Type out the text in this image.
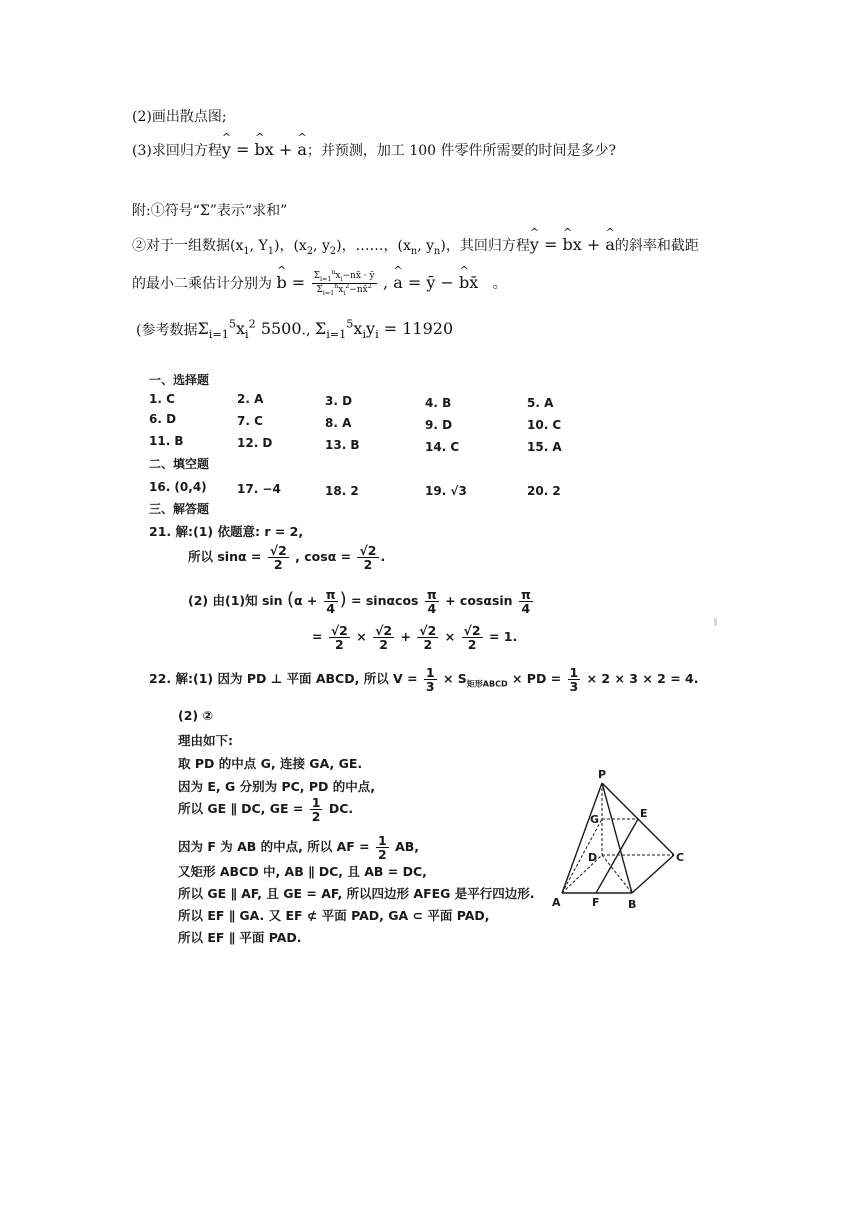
(2)画出散点图;
(3)求回归方程^ y = ^ bx + ^ a；并预测，加工 100 件零件所需要的时间是多少?
附:①符号“Σ”表示“求和”
②对于一组数据($x_1$, $Y_1$)，($x_2$, $y_2$)，……，($x_n$, $y_n$)，其回归方程^ y = ^ bx + ^ a的斜率和截距
的最小二乘估计分别为 ^ $b = \frac{\Sigma_{i=1}^nx_i-nx̄ \cdot ȳ}{\Sigma_{i=1}^nx_i^2-nx̄^2}$ , ^ a = ȳ − ^ bx̄ 。
(参考数据$\Sigma_{i=1}^5x_i^2$ 5500., $\Sigma_{i=1}^5x_iy_i = 11920$
一、选择题
1. C	2. A	3. D	4. B	5. A
6. D	7. C	8. A	9. D	10. C
11. B	12. D	13. B	14. C	15. A
二、填空题
16. (0,4)	17. −4	18. 2	19. √3	20. 2
三、解答题
21. 解:(1) 依题意: r = 2,
所以 $\sin\alpha = \frac{√2}{2}$ , $\cos\alpha = \frac{√2}{2}$ .
(2) 由(1)知 $\sin (\alpha + \frac{\pi}{4}$ ) = sinαcos $\frac{\pi}{4} + \cos\alpha\sin \frac{\pi}{4}$
= $\frac{√2}{2} \times \frac{√2}{2} + \frac{√2}{2} \times \frac{√2}{2} = 1$.
22. 解:(1) 因为 PD ⊥ 平面 ABCD, 所以 $V = \frac{1}{3} \times S_{矩形ABCD}$ × PD = $\frac{1}{3} \times 2 \times 3 \times 2 = 4$.
(2) ②
理由如下:
取 PD 的中点 G, 连接 GA, GE.
因为 E, G 分别为 PC, PD 的中点,
所以 GE ∥ DC, GE = $\frac{1}{2}$ DC.
因为 F 为 AB 的中点, 所以 AF = $\frac{1}{2}$ AB,
又矩形 ABCD 中, AB ∥ DC, 且 AB = DC,
所以 GE ∥ AF, 且 GE = AF, 所以四边形 AFEG 是平行四边形.
所以 EF ∥ GA. 又 EF ⊄ 平面 PAD, GA ⊂ 平面 PAD,
所以 EF ∥ 平面 PAD.
P
E
G
D	C
A	F	B
